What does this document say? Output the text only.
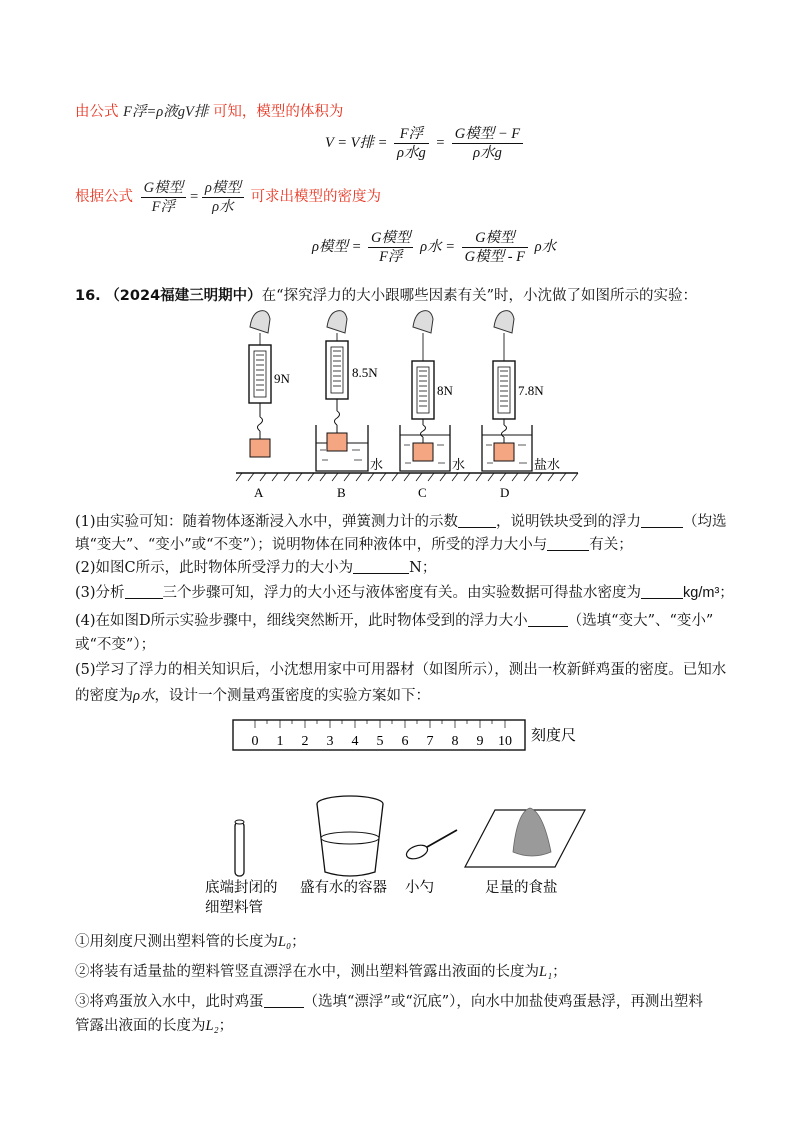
由公式 F浮=ρ液gV排 可知，模型的体积为
V = V排 = $\frac{\text{F浮}}{\text{ρ水g}} = \frac{\text{G模型 − F}}{\text{ρ水g}}$
根据公式 $\frac{\text{G模型}}{\text{F浮}} = \frac{\text{ρ模型}}{\text{ρ水}}$ 可求出模型的密度为
ρ模型 = $\frac{\text{G模型}}{\text{F浮}}$ ρ水 = $\frac{\text{G模型}}{\text{G模型 - F}}$ ρ水
16. （2024福建三明期中）在“探究浮力的大小跟哪些因素有关”时，小沈做了如图所示的实验：
9N
A
8.5N
水
B
8N
水
C
7.8N
盐水
D
(1)由实验可知：随着物体逐渐浸入水中，弹簧测力计的示数	，说明铁块受到的浮力	（均选
填“变大”、“变小”或“不变”）；说明物体在同种液体中，所受的浮力大小与	有关；
(2)如图C所示，此时物体所受浮力的大小为	N；
(3)分析	三个步骤可知，浮力的大小还与液体密度有关。由实验数据可得盐水密度为	kg/m³；
(4)在如图D所示实验步骤中，细线突然断开，此时物体受到的浮力大小	（选填“变大”、“变小”
或“不变”）；
(5)学习了浮力的相关知识后，小沈想用家中可用器材（如图所示），测出一枚新鲜鸡蛋的密度。已知水
的密度为ρ水，设计一个测量鸡蛋密度的实验方案如下：
0 1 2 3 4 5 6 7 8 9 10 刻度尺
底端封闭的
细塑料管
盛有水的容器 小勺	足量的食盐
①用刻度尺测出塑料管的长度为L₀；
②将装有适量盐的塑料管竖直漂浮在水中，测出塑料管露出液面的长度为L₁；
③将鸡蛋放入水中，此时鸡蛋	（选填“漂浮”或“沉底”），向水中加盐使鸡蛋悬浮，再测出塑料
管露出液面的长度为L₂；
